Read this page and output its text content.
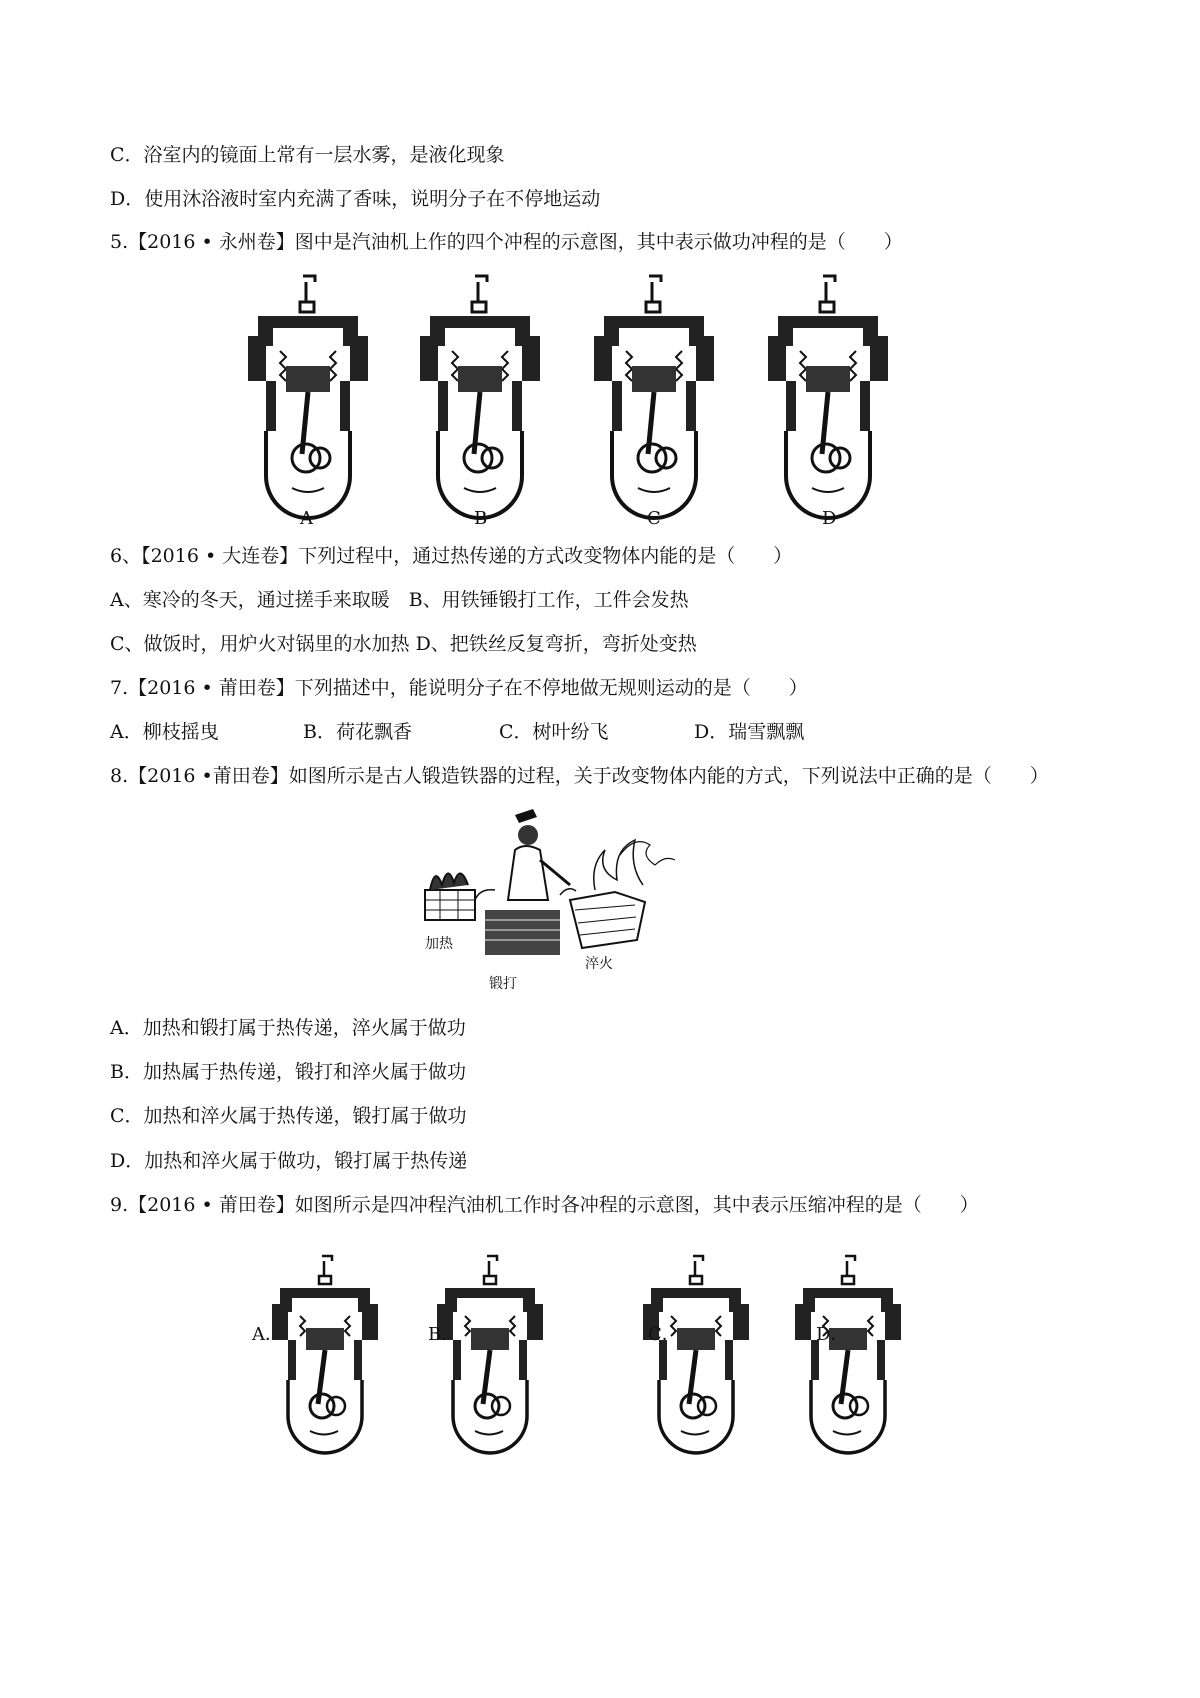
C．浴室内的镜面上常有一层水雾，是液化现象
D．使用沐浴液时室内充满了香味，说明分子在不停地运动
5.【2016 • 永州卷】图中是汽油机上作的四个冲程的示意图，其中表示做功冲程的是（　　）
A	B	C	D
6、【2016 • 大连卷】下列过程中，通过热传递的方式改变物体内能的是（　　）
A、寒冷的冬天，通过搓手来取暖　B、用铁锤锻打工作，工件会发热
C、做饭时，用炉火对锅里的水加热 D、把铁丝反复弯折，弯折处变热
7.【2016 • 莆田卷】下列描述中，能说明分子在不停地做无规则运动的是（　　）
A．柳枝摇曳	B．荷花飘香	C．树叶纷飞	D．瑞雪飘飘
8.【2016 •莆田卷】如图所示是古人锻造铁器的过程，关于改变物体内能的方式，下列说法中正确的是（　　）
加热
锻打
淬火
A．加热和锻打属于热传递，淬火属于做功
B．加热属于热传递，锻打和淬火属于做功
C．加热和淬火属于热传递，锻打属于做功
D．加热和淬火属于做功，锻打属于热传递
9.【2016 • 莆田卷】如图所示是四冲程汽油机工作时各冲程的示意图，其中表示压缩冲程的是（　　）
A．	B．	C．	D．
